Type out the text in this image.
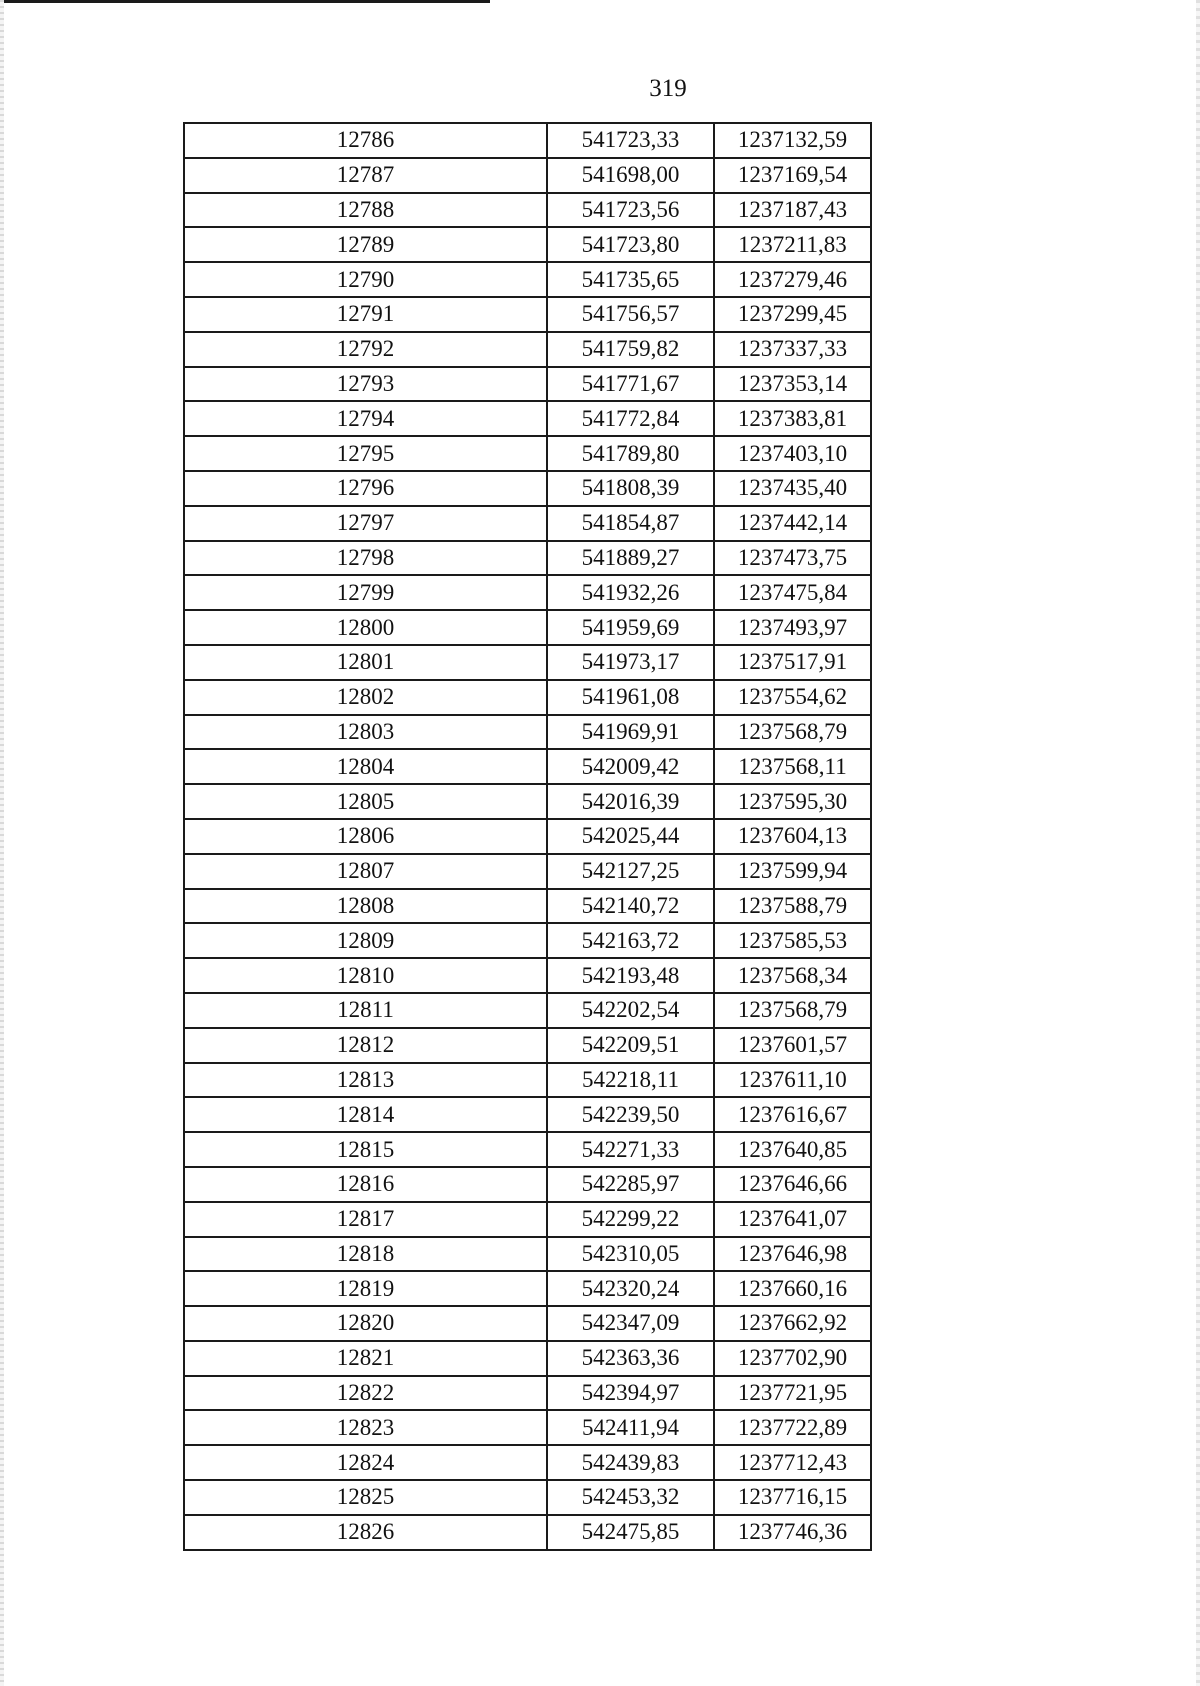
319
12786	541723,33	1237132,59
12787	541698,00	1237169,54
12788	541723,56	1237187,43
12789	541723,80	1237211,83
12790	541735,65	1237279,46
12791	541756,57	1237299,45
12792	541759,82	1237337,33
12793	541771,67	1237353,14
12794	541772,84	1237383,81
12795	541789,80	1237403,10
12796	541808,39	1237435,40
12797	541854,87	1237442,14
12798	541889,27	1237473,75
12799	541932,26	1237475,84
12800	541959,69	1237493,97
12801	541973,17	1237517,91
12802	541961,08	1237554,62
12803	541969,91	1237568,79
12804	542009,42	1237568,11
12805	542016,39	1237595,30
12806	542025,44	1237604,13
12807	542127,25	1237599,94
12808	542140,72	1237588,79
12809	542163,72	1237585,53
12810	542193,48	1237568,34
12811	542202,54	1237568,79
12812	542209,51	1237601,57
12813	542218,11	1237611,10
12814	542239,50	1237616,67
12815	542271,33	1237640,85
12816	542285,97	1237646,66
12817	542299,22	1237641,07
12818	542310,05	1237646,98
12819	542320,24	1237660,16
12820	542347,09	1237662,92
12821	542363,36	1237702,90
12822	542394,97	1237721,95
12823	542411,94	1237722,89
12824	542439,83	1237712,43
12825	542453,32	1237716,15
12826	542475,85	1237746,36
